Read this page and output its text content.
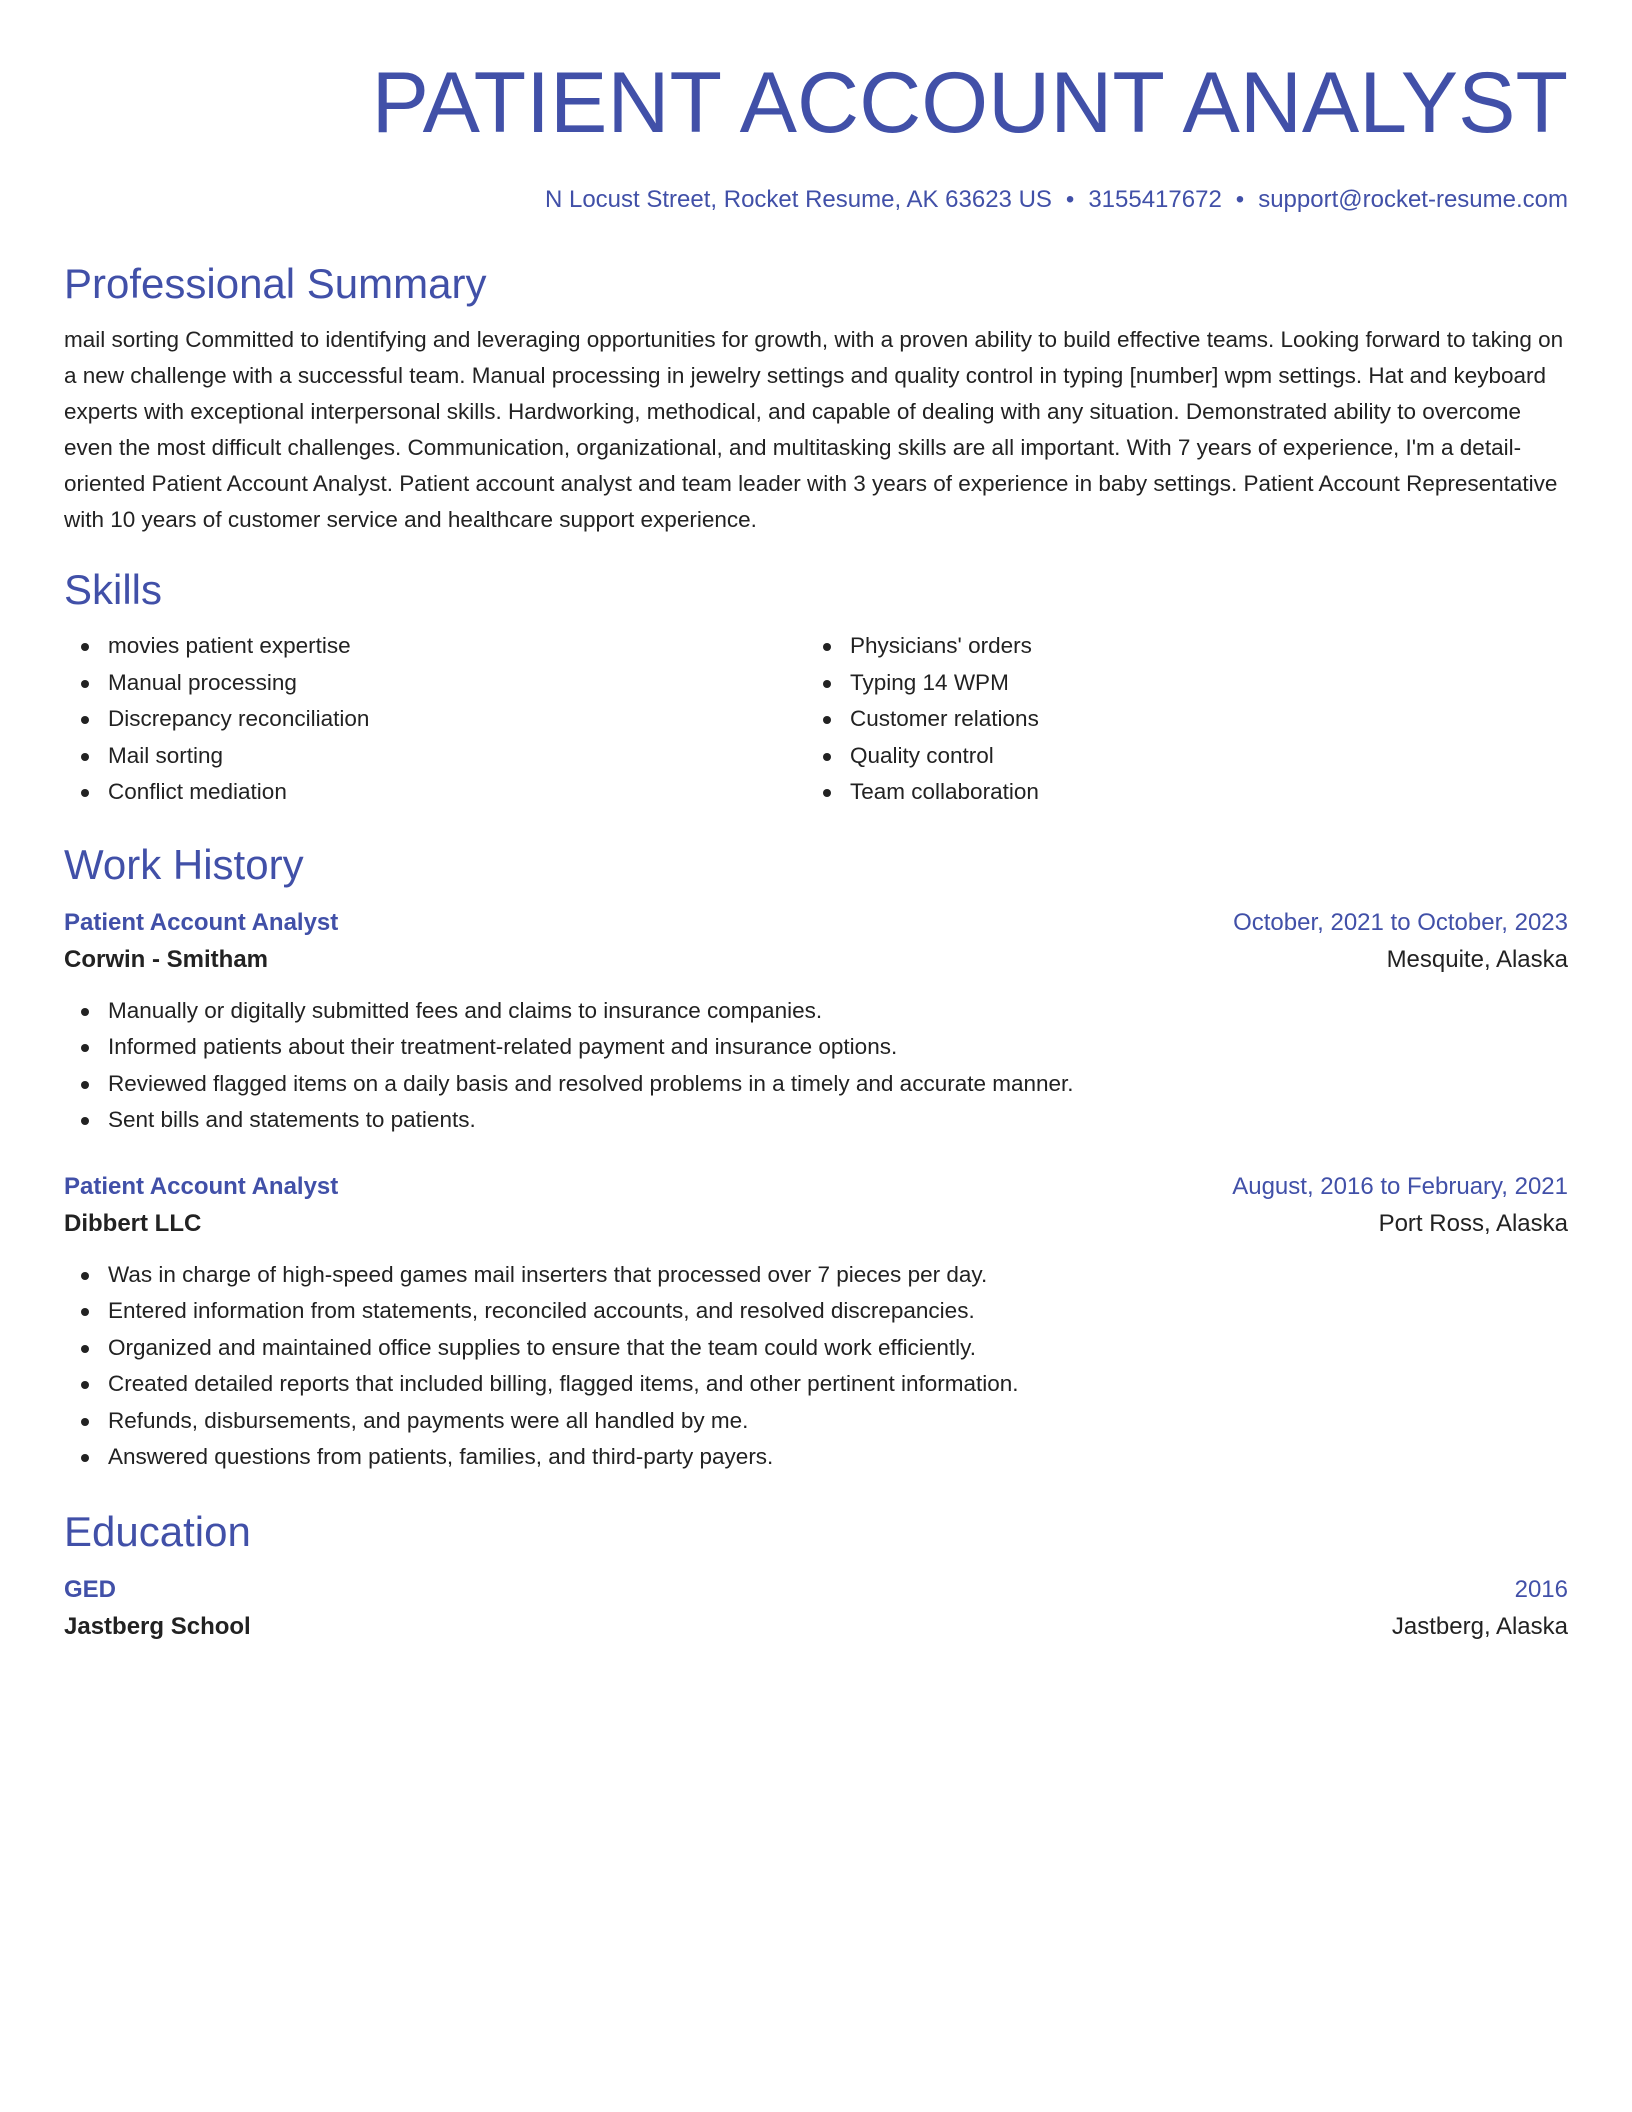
PATIENT ACCOUNT ANALYST
N Locust Street, Rocket Resume, AK 63623 US • 3155417672 • support@rocket-resume.com
Professional Summary
mail sorting Committed to identifying and leveraging opportunities for growth, with a proven ability to build effective teams. Looking forward to taking on a new challenge with a successful team. Manual processing in jewelry settings and quality control in typing [number] wpm settings. Hat and keyboard experts with exceptional interpersonal skills. Hardworking, methodical, and capable of dealing with any situation. Demonstrated ability to overcome even the most difficult challenges. Communication, organizational, and multitasking skills are all important. With 7 years of experience, I'm a detail-oriented Patient Account Analyst. Patient account analyst and team leader with 3 years of experience in baby settings. Patient Account Representative with 10 years of customer service and healthcare support experience.
Skills
movies patient expertise
Manual processing
Discrepancy reconciliation
Mail sorting
Conflict mediation
Physicians' orders
Typing 14 WPM
Customer relations
Quality control
Team collaboration
Work History
Patient Account Analyst	October, 2021 to October, 2023
Corwin - Smitham	Mesquite, Alaska
Manually or digitally submitted fees and claims to insurance companies.
Informed patients about their treatment-related payment and insurance options.
Reviewed flagged items on a daily basis and resolved problems in a timely and accurate manner.
Sent bills and statements to patients.
Patient Account Analyst	August, 2016 to February, 2021
Dibbert LLC	Port Ross, Alaska
Was in charge of high-speed games mail inserters that processed over 7 pieces per day.
Entered information from statements, reconciled accounts, and resolved discrepancies.
Organized and maintained office supplies to ensure that the team could work efficiently.
Created detailed reports that included billing, flagged items, and other pertinent information.
Refunds, disbursements, and payments were all handled by me.
Answered questions from patients, families, and third-party payers.
Education
GED	2016
Jastberg School	Jastberg, Alaska
